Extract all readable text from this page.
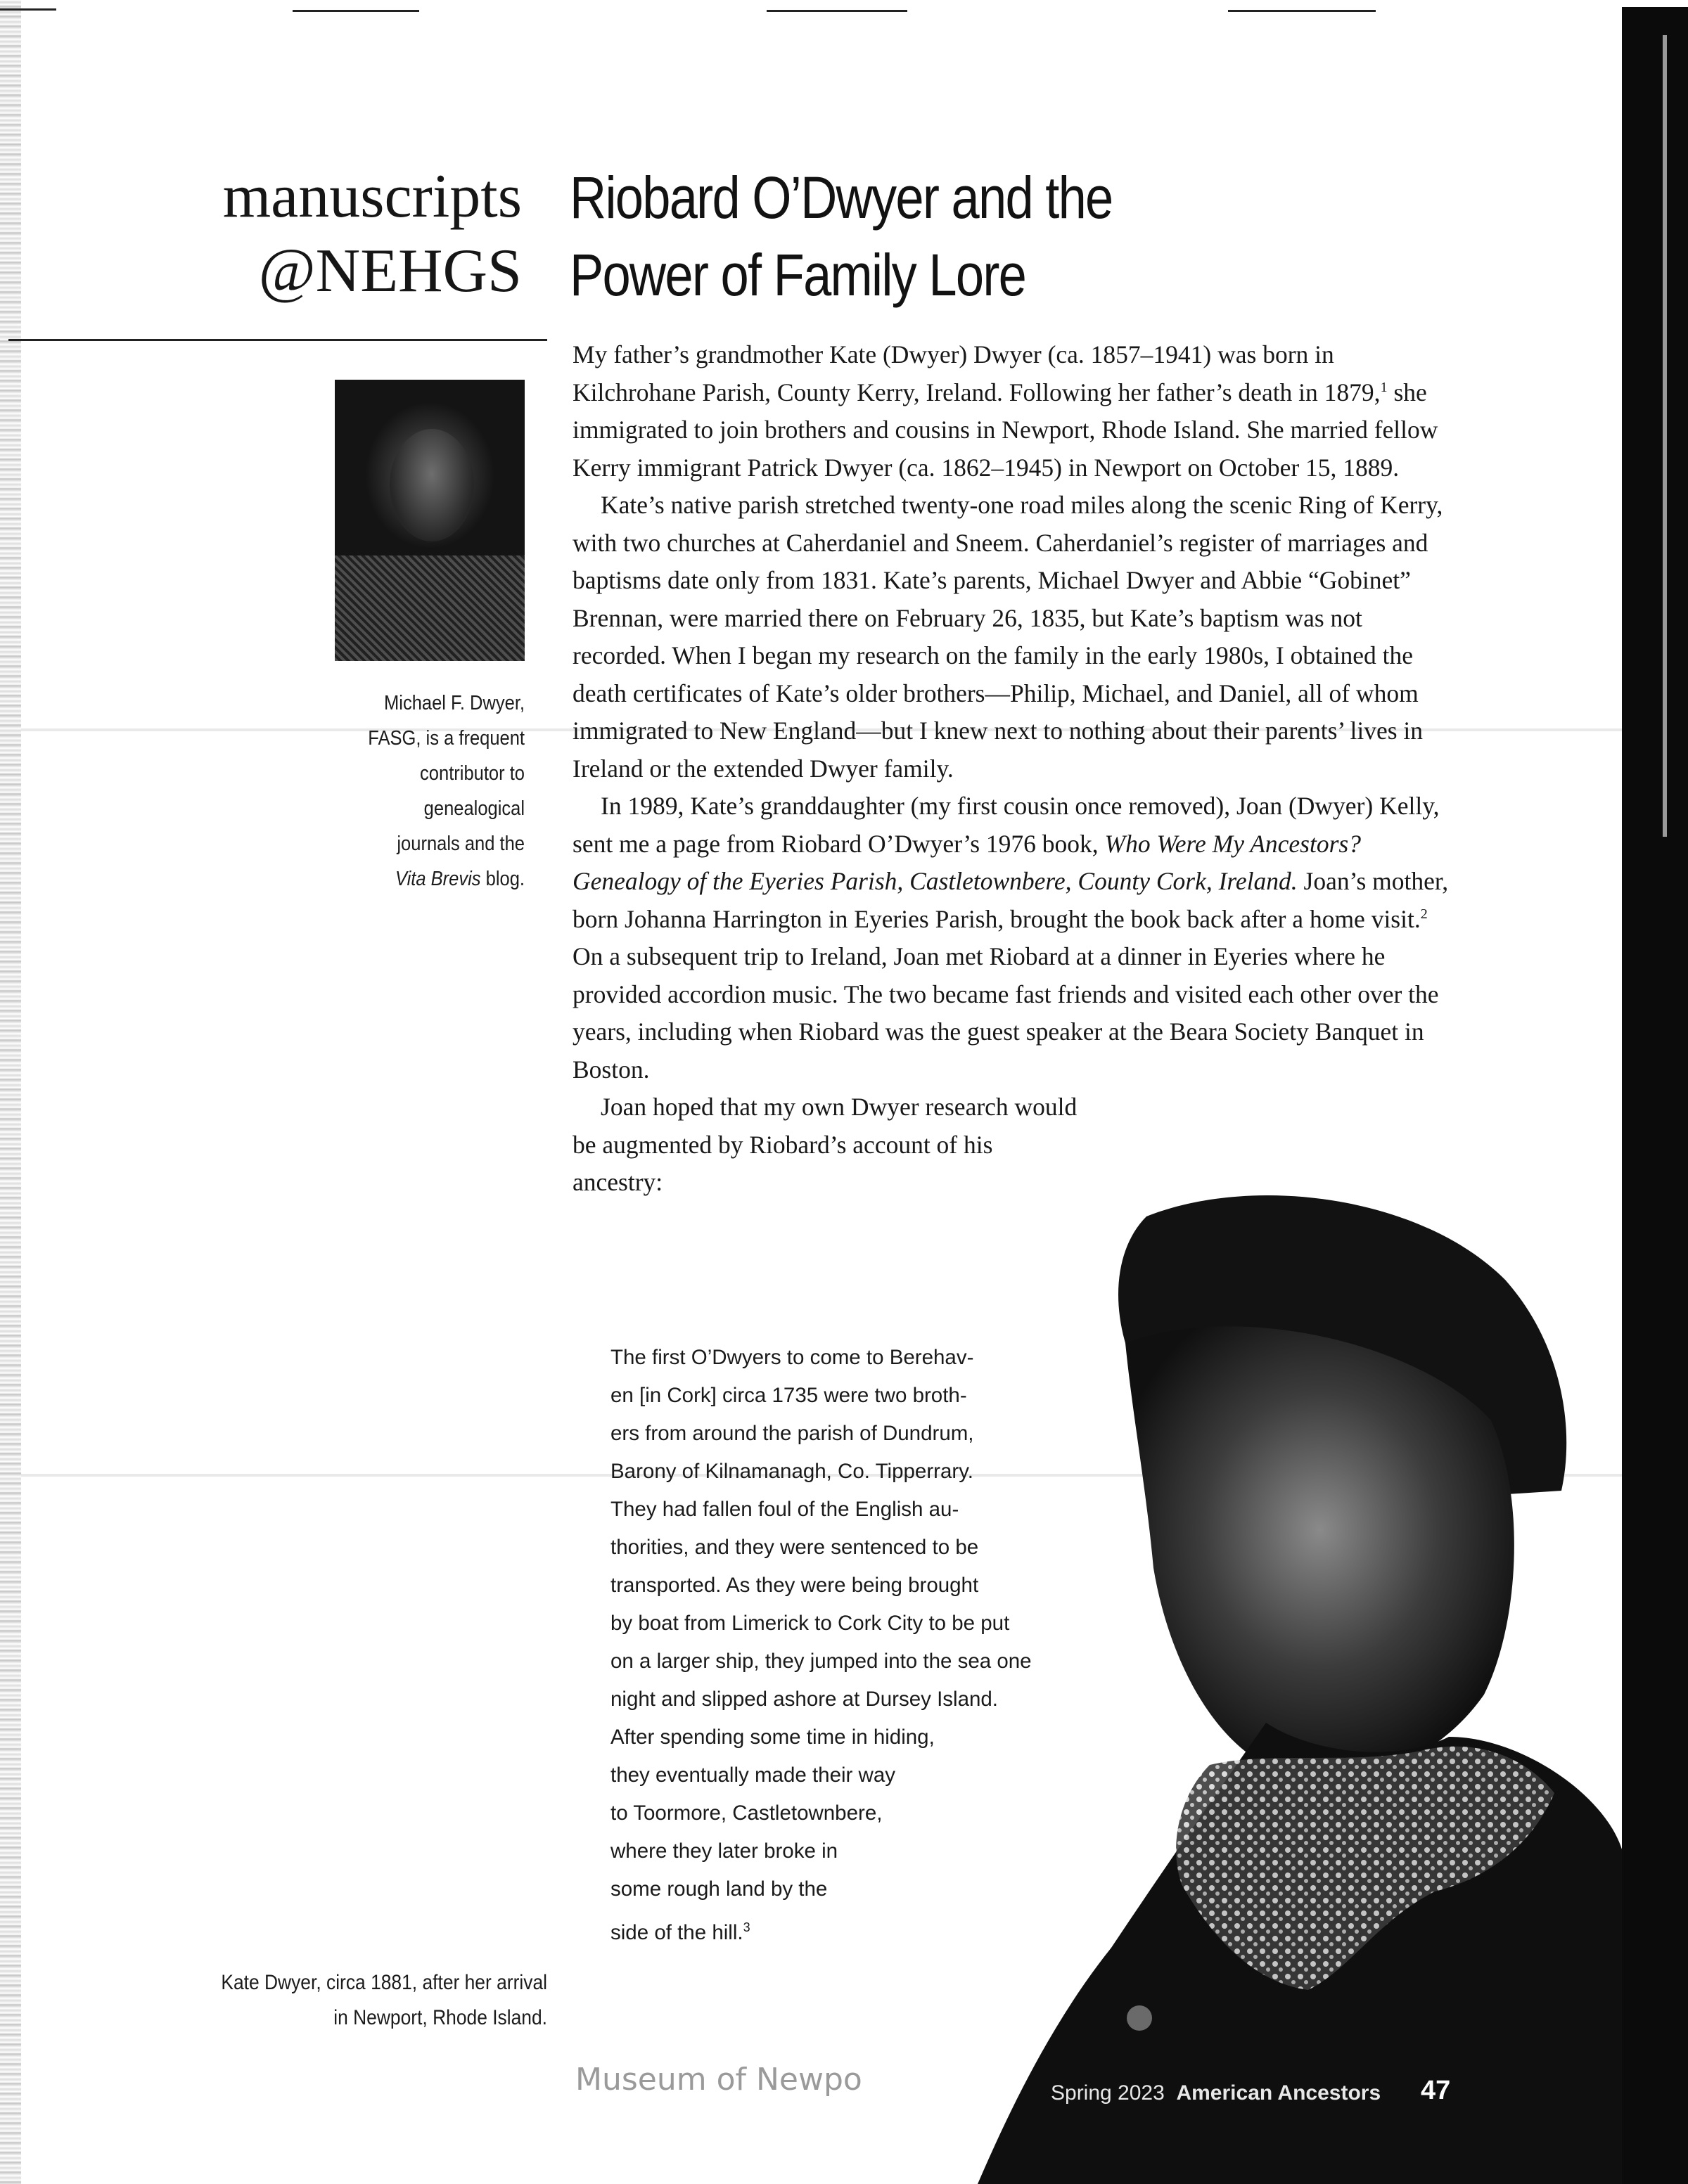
manuscripts
@NEHGS
Riobard O’Dwyer and the
Power of Family Lore
Michael F. Dwyer,
FASG, is a frequent
contributor to
genealogical
journals and the
Vita Brevis blog.

My father’s grandmother Kate (Dwyer) Dwyer (ca. 1857–1941) was born in Kilchrohane Parish, County Kerry, Ireland. Following her father’s death in 1879,$^1$ she immigrated to join brothers and cousins in Newport, Rhode Island. She married fellow Kerry immigrant Patrick Dwyer (ca. 1862–1945) in Newport on October 15, 1889.

Kate’s native parish stretched twenty-one road miles along the scenic Ring of Kerry, with two churches at Caherdaniel and Sneem. Caherdaniel’s register of marriages and baptisms date only from 1831. Kate’s parents, Michael Dwyer and Abbie “Gobinet” Brennan, were married there on February 26, 1835, but Kate’s baptism was not recorded. When I began my research on the family in the early 1980s, I obtained the death certificates of Kate’s older brothers—Philip, Michael, and Daniel, all of whom immigrated to New England—but I knew next to nothing about their parents’ lives in Ireland or the extended Dwyer family.

In 1989, Kate’s granddaughter (my first cousin once removed), Joan (Dwyer) Kelly, sent me a page from Riobard O’Dwyer’s 1976 book, Who Were My Ancestors? Genealogy of the Eyeries Parish, Castletownbere, County Cork, Ireland. Joan’s mother, born Johanna Harrington in Eyeries Parish, brought the book back after a home visit.$^2$ On a subsequent trip to Ireland, Joan met Riobard at a dinner in Eyeries where he provided accordion music. The two became fast friends and visited each other over the years, including when Riobard was the guest speaker at the Beara Society Banquet in Boston.

Joan hoped that my own Dwyer research would be augmented by Riobard’s account of his ancestry:

The first O’Dwyers to come to Berehav-
en [in Cork] circa 1735 were two broth-
ers from around the parish of Dundrum,
Barony of Kilnamanagh, Co. Tipperrary.
They had fallen foul of the English au-
thorities, and they were sentenced to be
transported. As they were being brought
by boat from Limerick to Cork City to be put
on a larger ship, they jumped into the sea one
night and slipped ashore at Dursey Island.
After spending some time in hiding,
they eventually made their way
to Toormore, Castletownbere,
where they later broke in
some rough land by the
side of the hill.$^3$
Kate Dwyer, circa 1881, after her arrival
in Newport, Rhode Island.
Museum of Newpo	Spring 2023 American Ancestors 47
